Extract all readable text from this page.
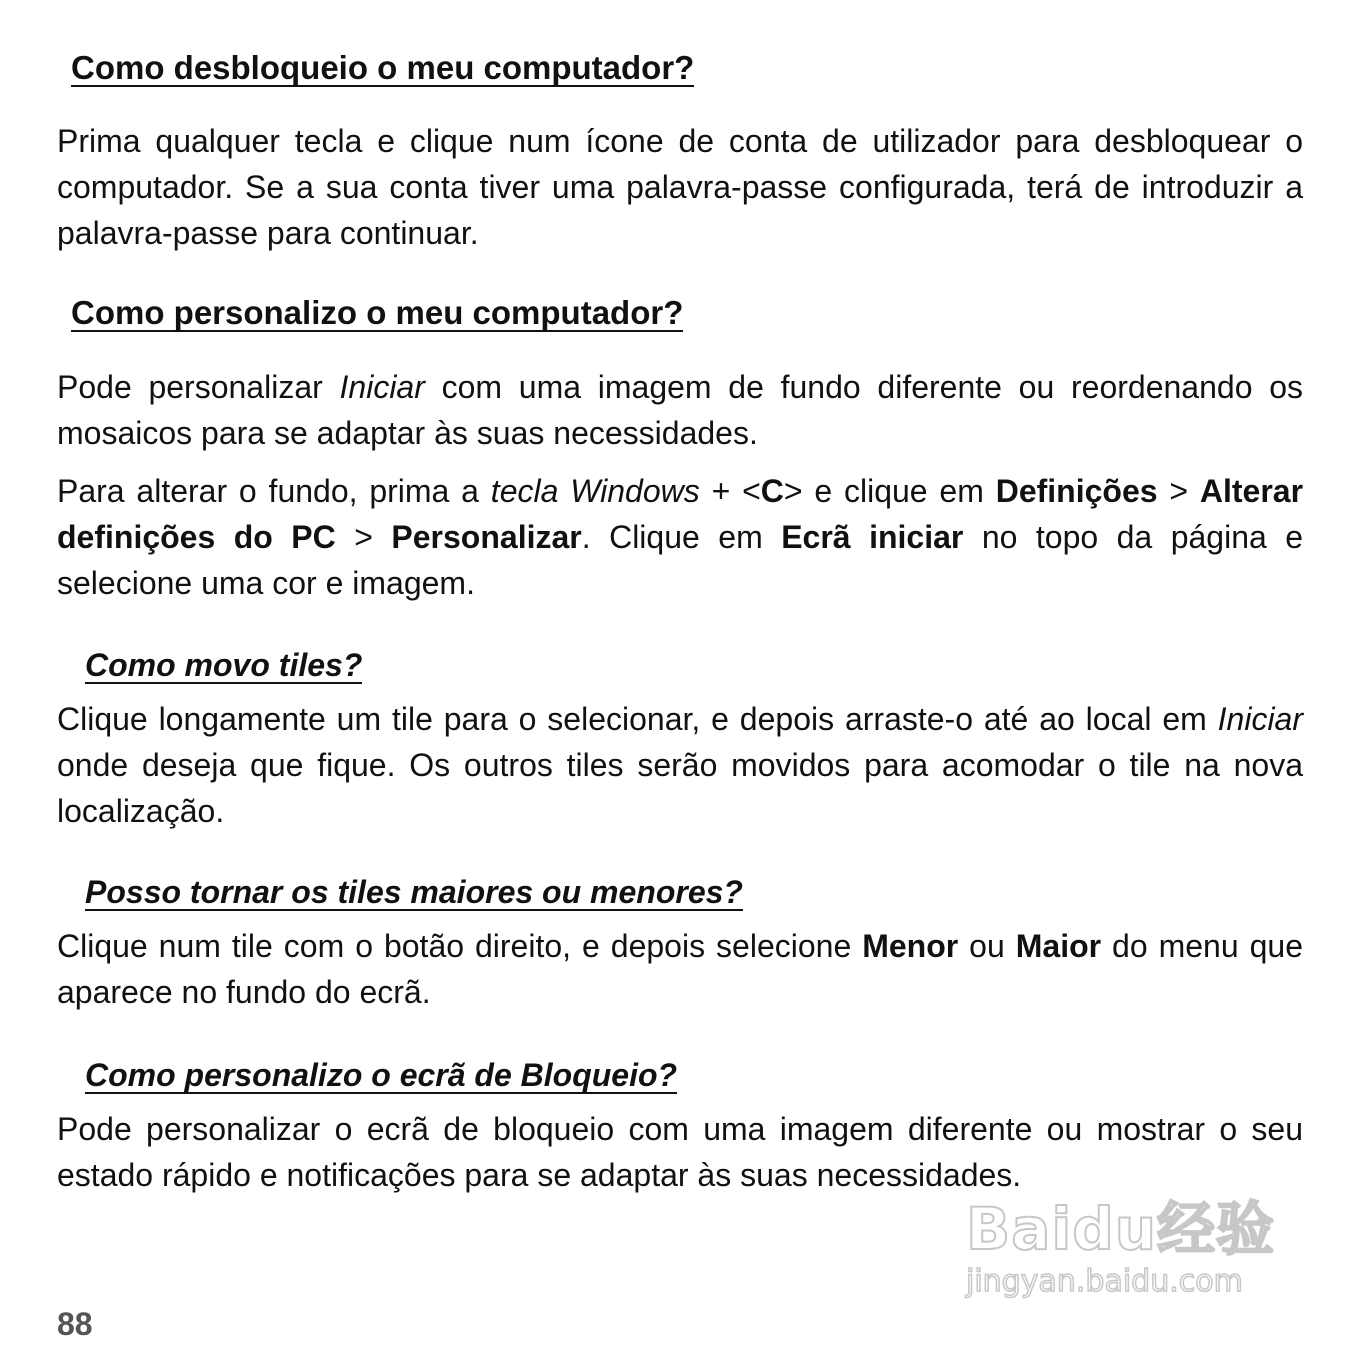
Como desbloqueio o meu computador?

Prima qualquer tecla e clique num ícone de conta de utilizador para desbloquear o computador. Se a sua conta tiver uma palavra-passe configurada, terá de introduzir a palavra-passe para continuar.

Como personalizo o meu computador?

Pode personalizar Iniciar com uma imagem de fundo diferente ou reordenando os mosaicos para se adaptar às suas necessidades.

Para alterar o fundo, prima a tecla Windows + <C> e clique em Definições > Alterar definições do PC > Personalizar. Clique em Ecrã iniciar no topo da página e selecione uma cor e imagem.

Como movo tiles?

Clique longamente um tile para o selecionar, e depois arraste-o até ao local em Iniciar onde deseja que fique. Os outros tiles serão movidos para acomodar o tile na nova localização.

Posso tornar os tiles maiores ou menores?

Clique num tile com o botão direito, e depois selecione Menor ou Maior do menu que aparece no fundo do ecrã.

Como personalizo o ecrã de Bloqueio?

Pode personalizar o ecrã de bloqueio com uma imagem diferente ou mostrar o seu estado rápido e notificações para se adaptar às suas necessidades.

Baidu经验
jingyan.baidu.com
88
